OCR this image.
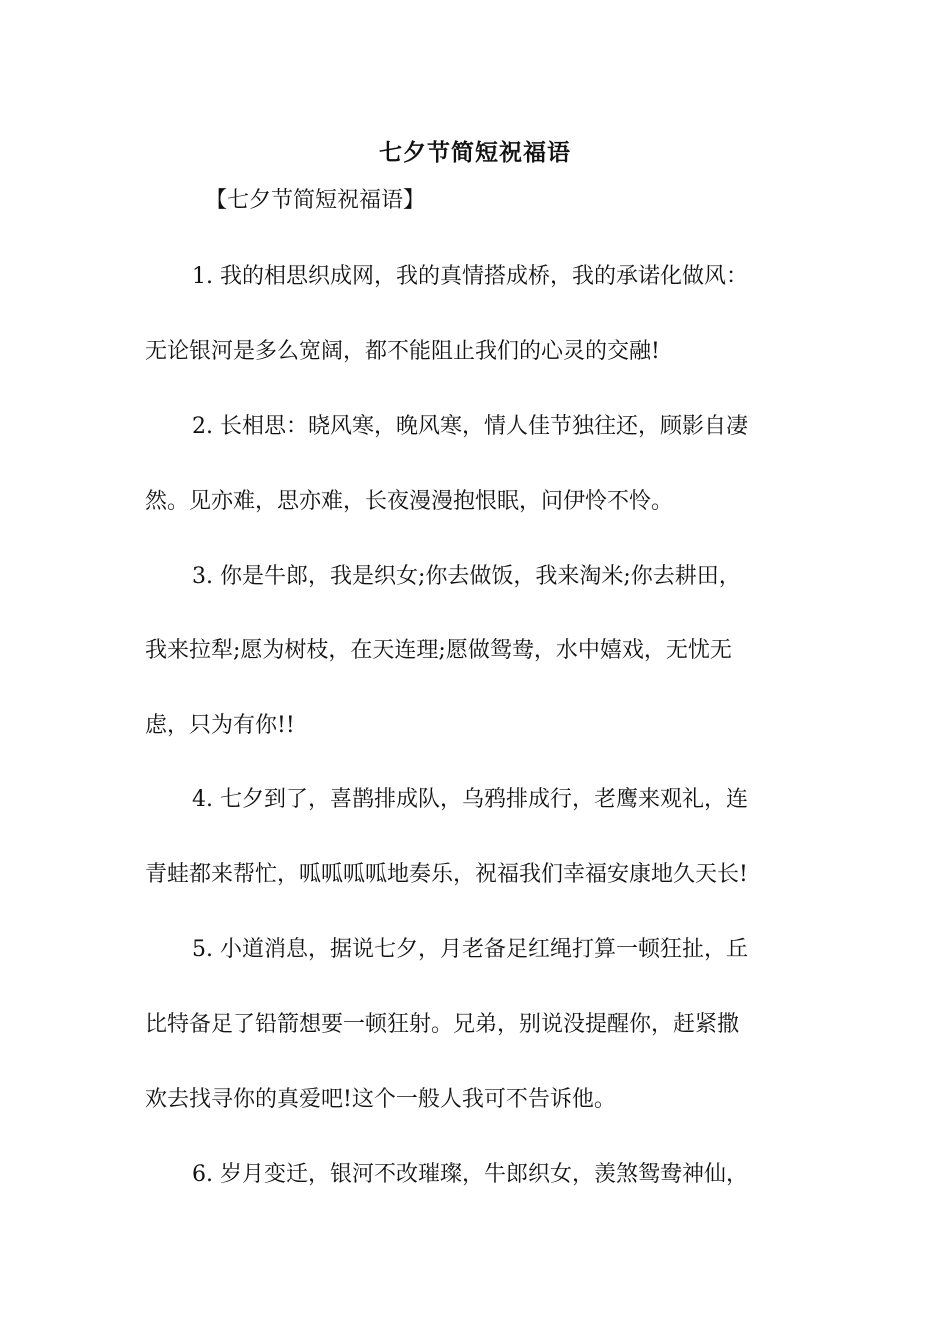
七夕节简短祝福语
【七夕节简短祝福语】
1. 我的相思织成网，我的真情搭成桥，我的承诺化做风：
无论银河是多么宽阔，都不能阻止我们的心灵的交融!
2. 长相思：晓风寒，晚风寒，情人佳节独往还，顾影自凄
然。见亦难，思亦难，长夜漫漫抱恨眠，问伊怜不怜。
3. 你是牛郎，我是织女;你去做饭，我来淘米;你去耕田，
我来拉犁;愿为树枝，在天连理;愿做鸳鸯，水中嬉戏，无忧无
虑，只为有你!!
4. 七夕到了，喜鹊排成队，乌鸦排成行，老鹰来观礼，连
青蛙都来帮忙，呱呱呱呱地奏乐，祝福我们幸福安康地久天长!
5. 小道消息，据说七夕，月老备足红绳打算一顿狂扯，丘
比特备足了铅箭想要一顿狂射。兄弟，别说没提醒你，赶紧撒
欢去找寻你的真爱吧!这个一般人我可不告诉他。
6. 岁月变迁，银河不改璀璨，牛郎织女，羡煞鸳鸯神仙，
